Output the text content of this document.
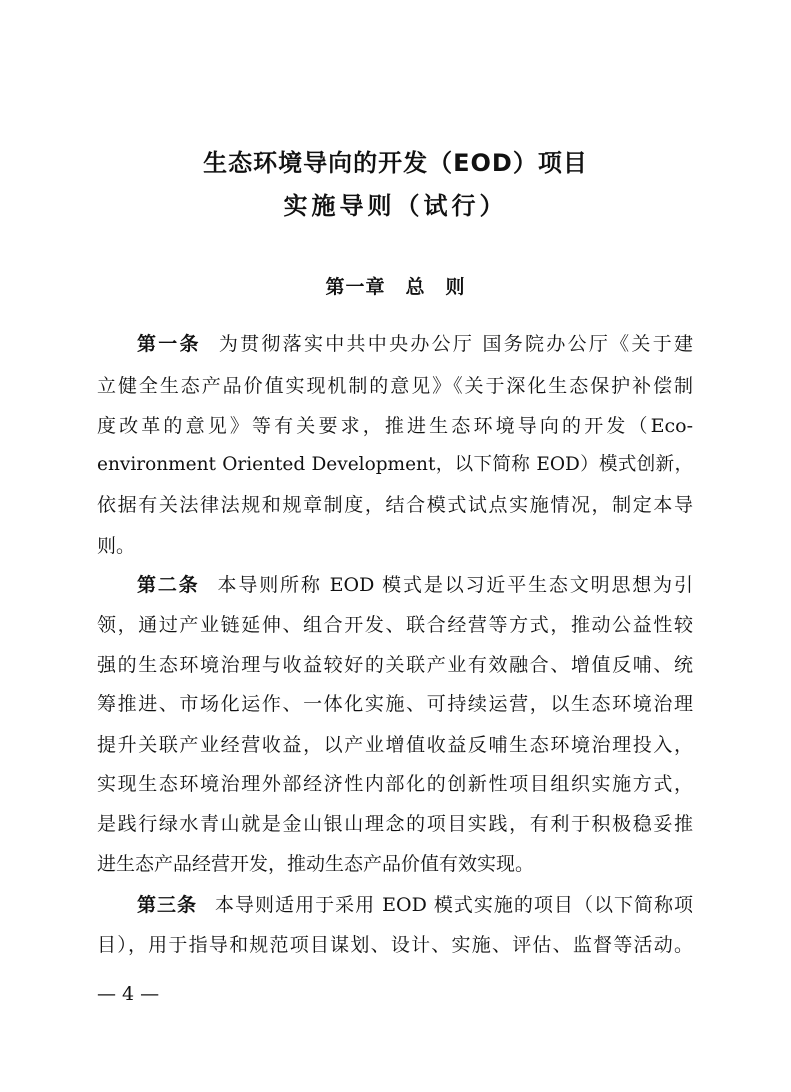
生态环境导向的开发（EOD）项目
实施导则（试行）
第一章　总　则
第一条 为贯彻落实中共中央办公厅 国务院办公厅《关于建
立健全生态产品价值实现机制的意见》《关于深化生态保护补偿制
度改革的意见》等有关要求，推进生态环境导向的开发（Eco-
environment Oriented Development，以下简称 EOD）模式创新，
依据有关法律法规和规章制度，结合模式试点实施情况，制定本导
则。
第二条 本导则所称 EOD 模式是以习近平生态文明思想为引
领，通过产业链延伸、组合开发、联合经营等方式，推动公益性较
强的生态环境治理与收益较好的关联产业有效融合、增值反哺、统
筹推进、市场化运作、一体化实施、可持续运营，以生态环境治理
提升关联产业经营收益，以产业增值收益反哺生态环境治理投入，
实现生态环境治理外部经济性内部化的创新性项目组织实施方式，
是践行绿水青山就是金山银山理念的项目实践，有利于积极稳妥推
进生态产品经营开发，推动生态产品价值有效实现。
第三条 本导则适用于采用 EOD 模式实施的项目（以下简称项
目），用于指导和规范项目谋划、设计、实施、评估、监督等活动。
— 4 —
